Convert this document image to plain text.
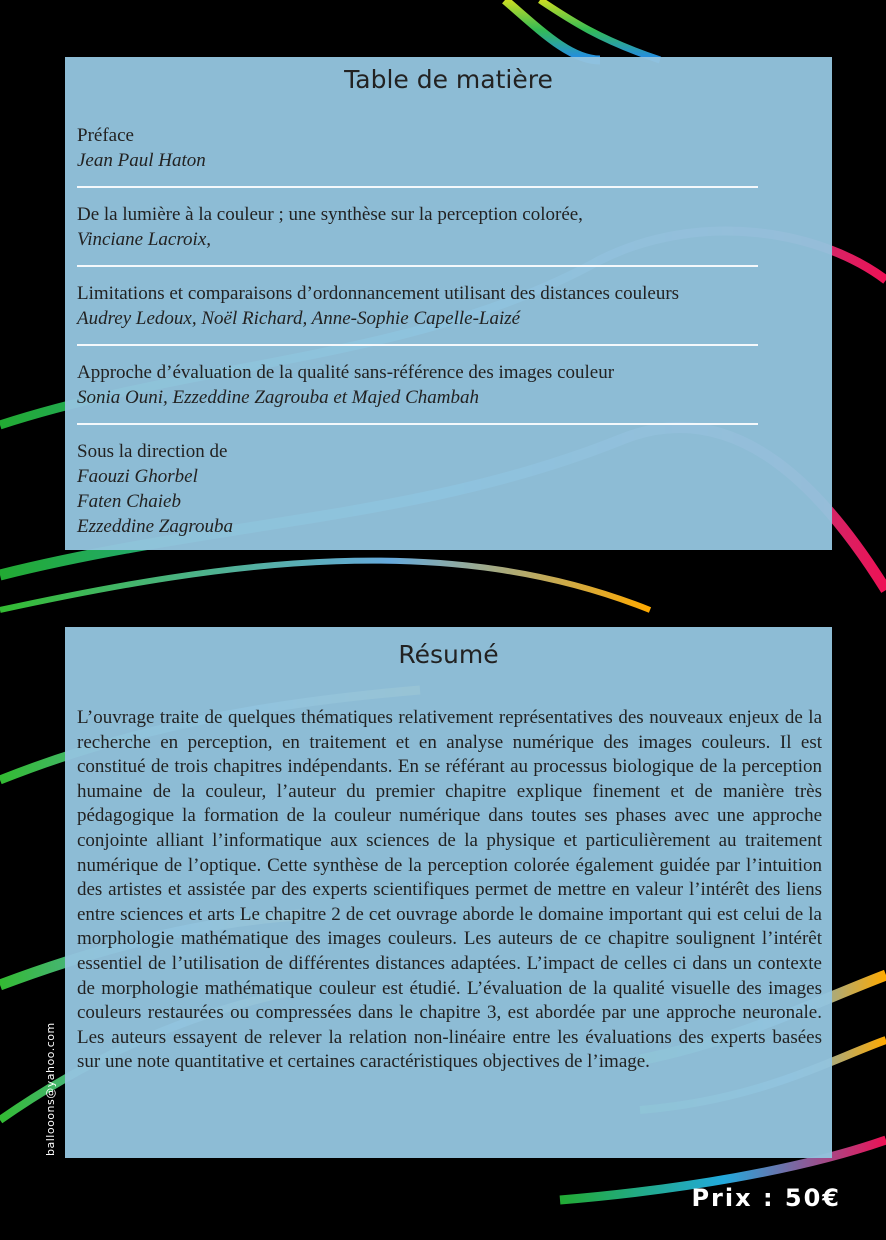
Table de matière
Préface
Jean Paul Haton
De la lumière à la couleur ; une synthèse sur la perception colorée,
Vinciane Lacroix,
Limitations et comparaisons d’ordonnancement utilisant des distances couleurs
Audrey Ledoux, Noël Richard, Anne-Sophie Capelle-Laizé
Approche d’évaluation de la qualité sans-référence des images couleur
Sonia Ouni, Ezzeddine Zagrouba et Majed Chambah
Sous la direction de
Faouzi Ghorbel
Faten Chaieb
Ezzeddine Zagrouba
Résumé

L’ouvrage traite de quelques thématiques relativement représentatives des nouveaux enjeux de la recherche en perception, en traitement et en analyse numérique des images couleurs. Il est constitué de trois chapitres indépendants. En se référant au processus biologique de la perception humaine de la couleur, l’auteur du premier chapitre explique finement et de manière très pédagogique la formation de la couleur numérique dans toutes ses phases avec une approche conjointe alliant l’informatique aux sciences de la physique et particulièrement au traitement numérique de l’optique. Cette synthèse de la perception colorée également guidée par l’intuition des artistes et assistée par des experts scientifiques permet de mettre en valeur l’intérêt des liens entre sciences et arts Le chapitre 2 de cet ouvrage aborde le domaine important qui est celui de la morphologie mathématique des images couleurs. Les auteurs de ce chapitre soulignent l’intérêt essentiel de l’utilisation de différentes distances adaptées. L’impact de celles ci dans un contexte de morphologie mathématique couleur est étudié. L’évaluation de la qualité visuelle des images couleurs restaurées ou compressées dans le chapitre 3, est abordée par une approche neuronale. Les auteurs essayent de relever la relation non-linéaire entre les évaluations des experts basées sur une note quantitative et certaines caractéristiques objectives de l’image.

ballooons@yahoo.com
Prix : 50€
